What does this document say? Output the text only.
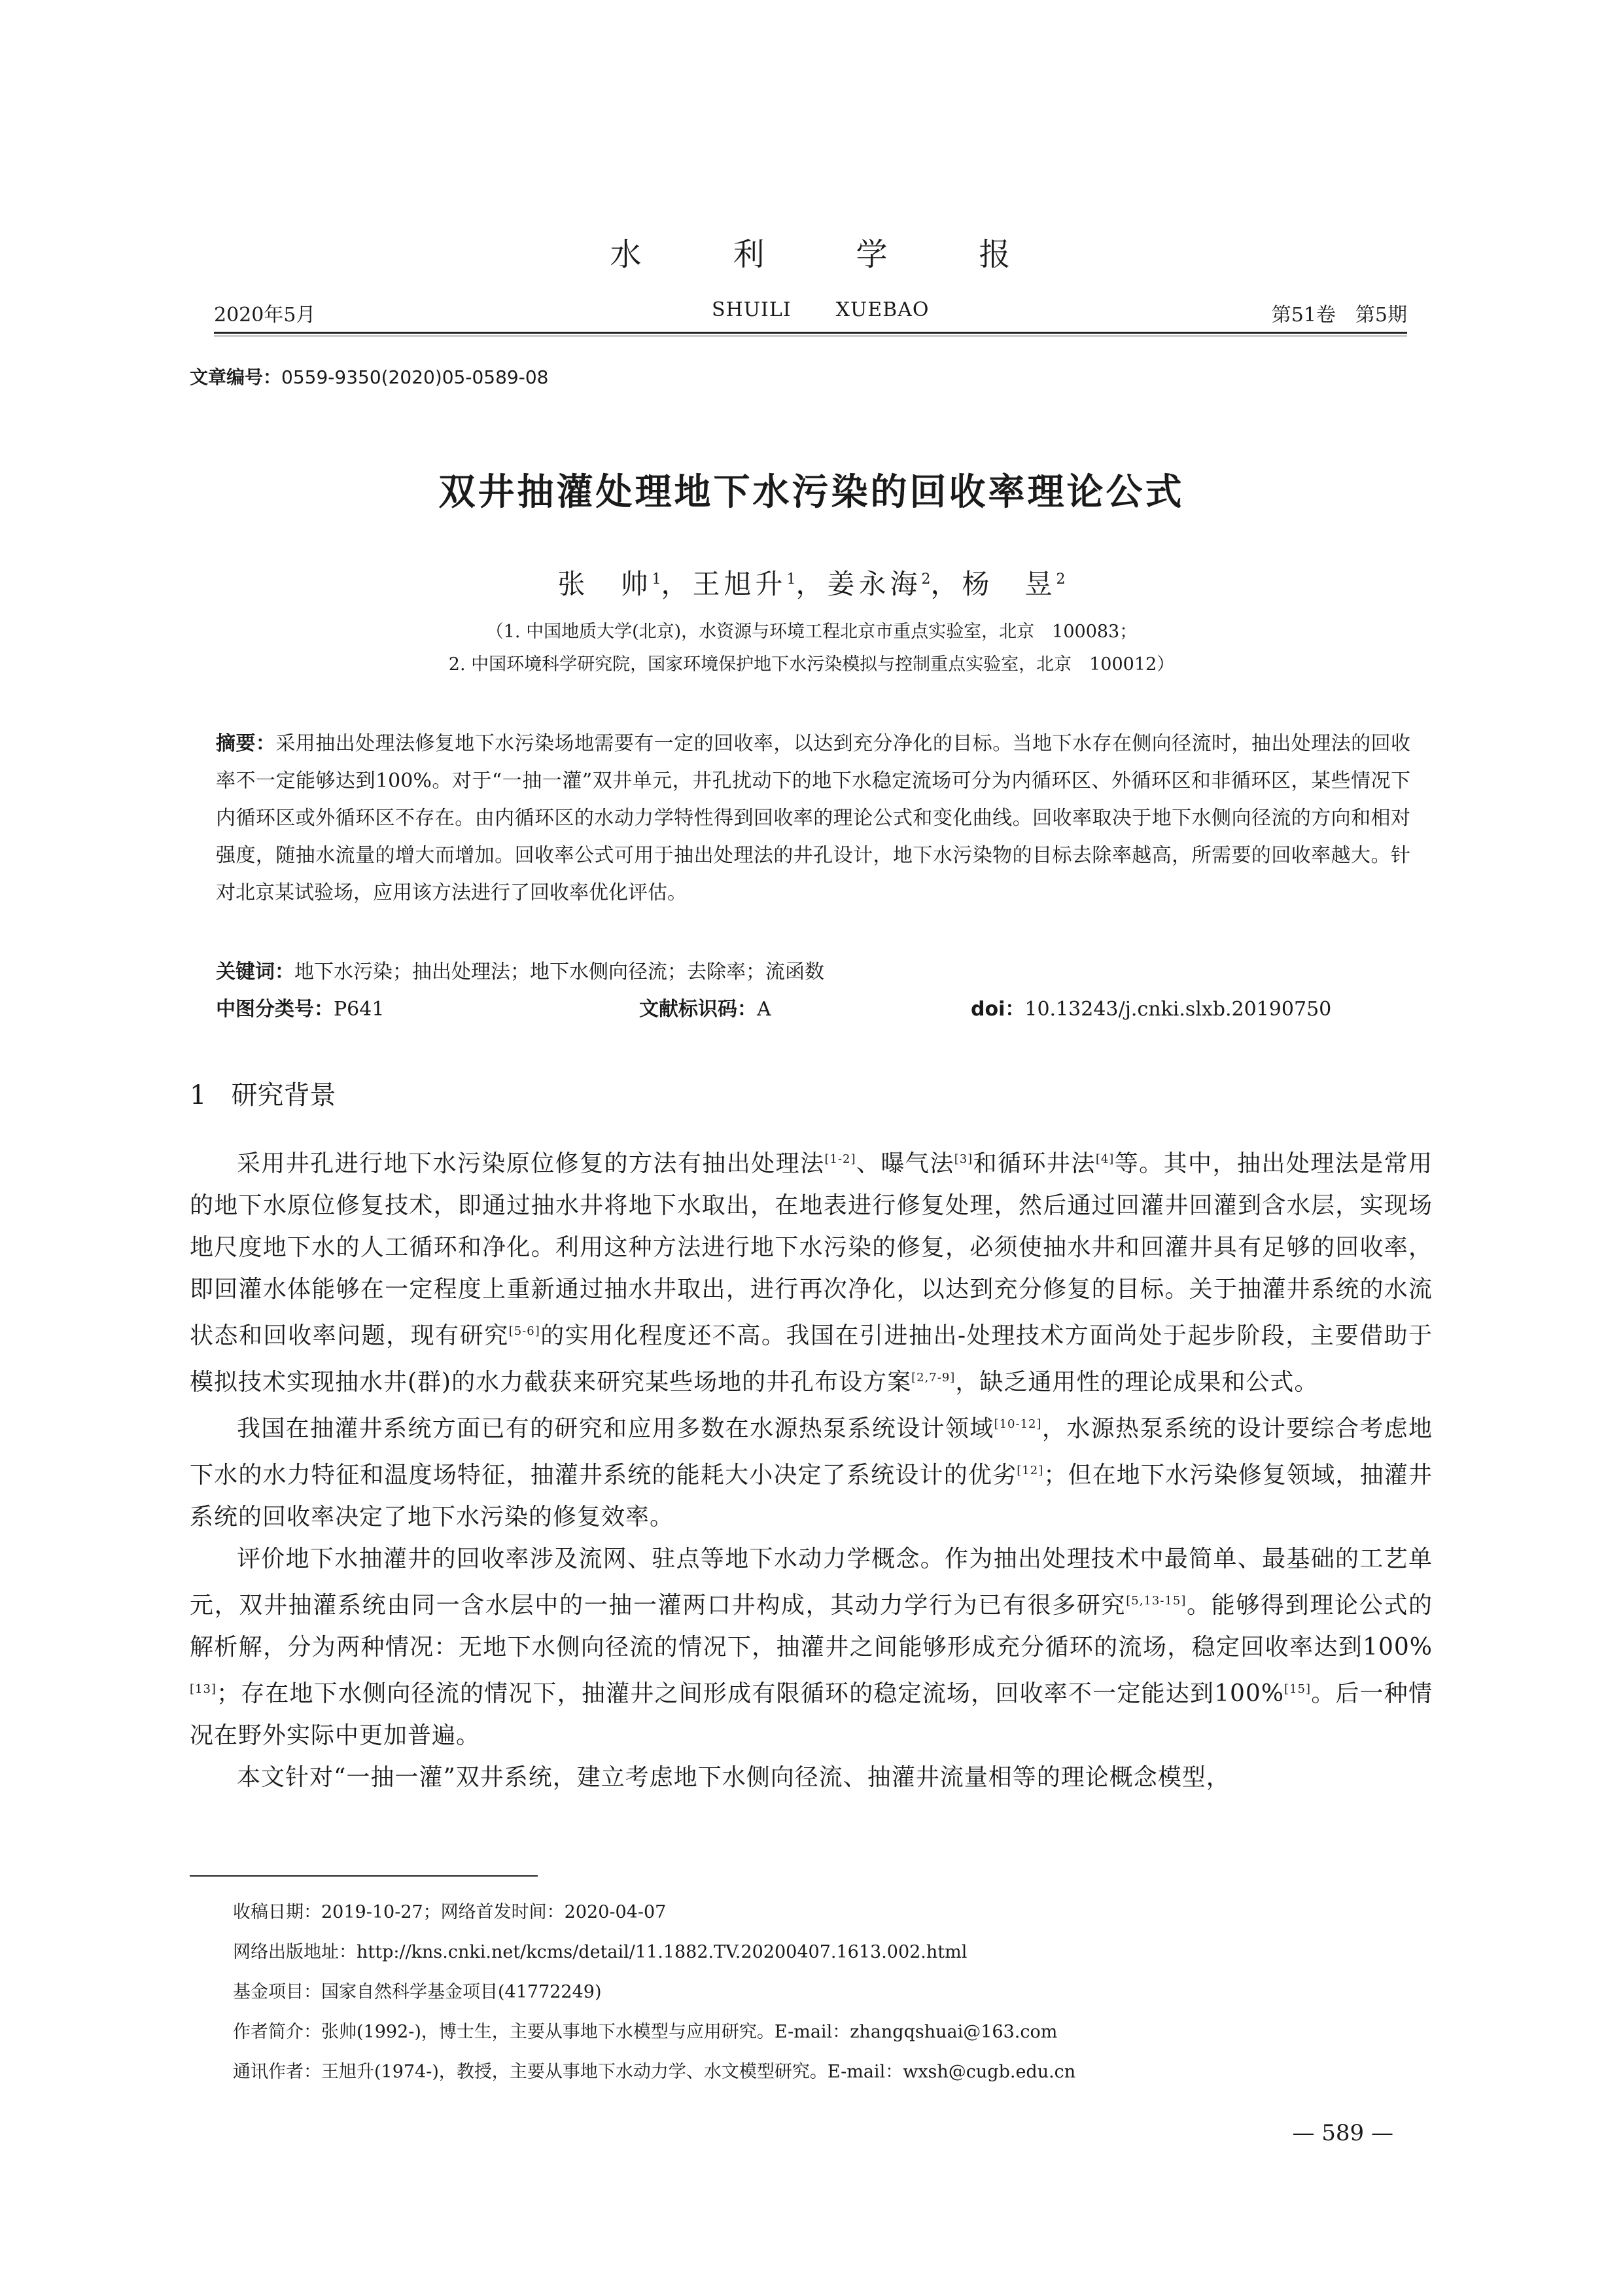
水	利	学	报
2020年5月	SHUILI XUEBAO	第51卷　第5期
文章编号：0559-9350(2020)05-0589-08
双井抽灌处理地下水污染的回收率理论公式
张　帅$^1$，王旭升$^1$，姜永海$^2$，杨　昱$^2$
（1. 中国地质大学(北京)，水资源与环境工程北京市重点实验室，北京　100083；
2. 中国环境科学研究院，国家环境保护地下水污染模拟与控制重点实验室，北京　100012）
摘要：采用抽出处理法修复地下水污染场地需要有一定的回收率，以达到充分净化的目标。当地下水存在侧向径流时，抽出处理法的回收率不一定能够达到100%。对于“一抽一灌”双井单元，井孔扰动下的地下水稳定流场可分为内循环区、外循环区和非循环区，某些情况下内循环区或外循环区不存在。由内循环区的水动力学特性得到回收率的理论公式和变化曲线。回收率取决于地下水侧向径流的方向和相对强度，随抽水流量的增大而增加。回收率公式可用于抽出处理法的井孔设计，地下水污染物的目标去除率越高，所需要的回收率越大。针对北京某试验场，应用该方法进行了回收率优化评估。
关键词：地下水污染；抽出处理法；地下水侧向径流；去除率；流函数
中图分类号：P641	文献标识码：A	doi：10.13243/j.cnki.slxb.20190750
1 研究背景

采用井孔进行地下水污染原位修复的方法有抽出处理法[1-2]、曝气法[3]和循环井法[4]等。其中，抽出处理法是常用的地下水原位修复技术，即通过抽水井将地下水取出，在地表进行修复处理，然后通过回灌井回灌到含水层，实现场地尺度地下水的人工循环和净化。利用这种方法进行地下水污染的修复，必须使抽水井和回灌井具有足够的回收率，即回灌水体能够在一定程度上重新通过抽水井取出，进行再次净化，以达到充分修复的目标。关于抽灌井系统的水流状态和回收率问题，现有研究[5-6]的实用化程度还不高。我国在引进抽出-处理技术方面尚处于起步阶段，主要借助于模拟技术实现抽水井(群)的水力截获来研究某些场地的井孔布设方案[2,7-9]，缺乏通用性的理论成果和公式。

我国在抽灌井系统方面已有的研究和应用多数在水源热泵系统设计领域[10-12]，水源热泵系统的设计要综合考虑地下水的水力特征和温度场特征，抽灌井系统的能耗大小决定了系统设计的优劣[12]；但在地下水污染修复领域，抽灌井系统的回收率决定了地下水污染的修复效率。

评价地下水抽灌井的回收率涉及流网、驻点等地下水动力学概念。作为抽出处理技术中最简单、最基础的工艺单元，双井抽灌系统由同一含水层中的一抽一灌两口井构成，其动力学行为已有很多研究[5,13-15]。能够得到理论公式的解析解，分为两种情况：无地下水侧向径流的情况下，抽灌井之间能够形成充分循环的流场，稳定回收率达到100%[13]；存在地下水侧向径流的情况下，抽灌井之间形成有限循环的稳定流场，回收率不一定能达到100%[15]。后一种情况在野外实际中更加普遍。

本文针对“一抽一灌”双井系统，建立考虑地下水侧向径流、抽灌井流量相等的理论概念模型，

收稿日期：2019-10-27；网络首发时间：2020-04-07
网络出版地址：http://kns.cnki.net/kcms/detail/11.1882.TV.20200407.1613.002.html
基金项目：国家自然科学基金项目(41772249)
作者简介：张帅(1992-)，博士生，主要从事地下水模型与应用研究。E-mail：zhangqshuai@163.com
通讯作者：王旭升(1974-)，教授，主要从事地下水动力学、水文模型研究。E-mail：wxsh@cugb.edu.cn
— 589 —
